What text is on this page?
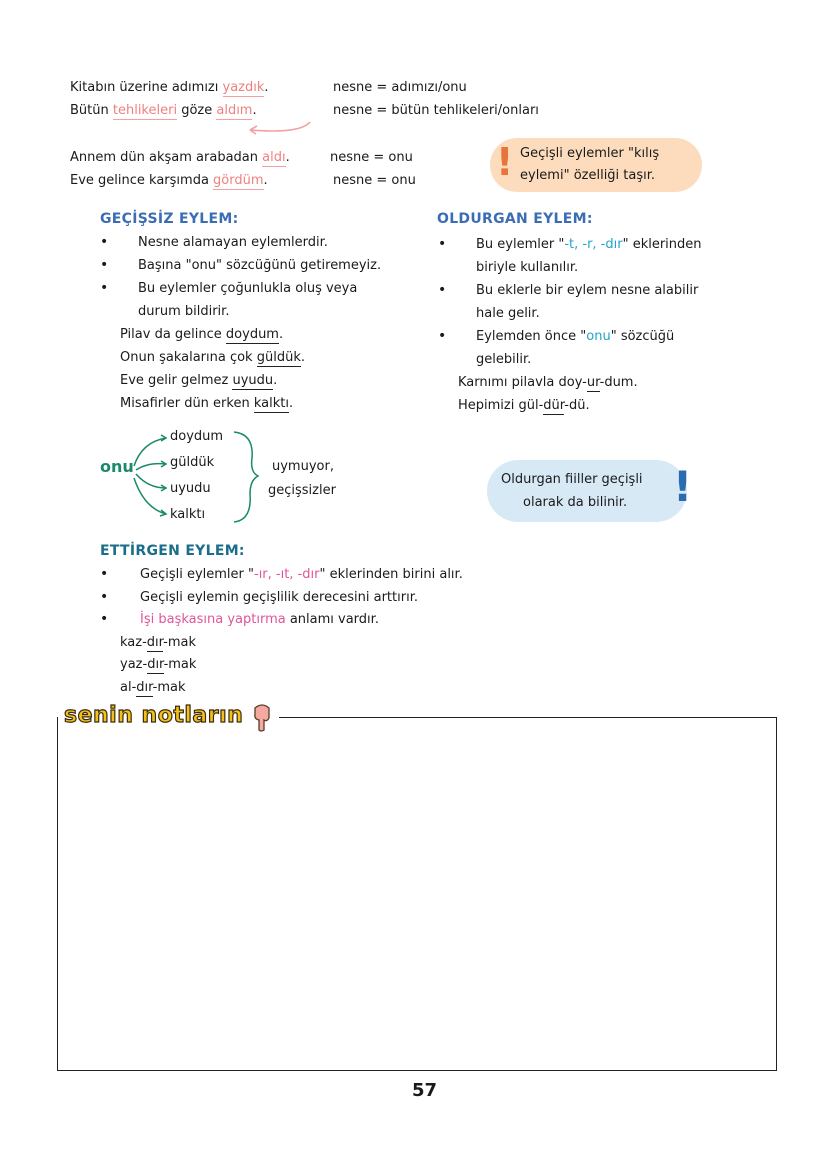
Kitabın üzerine adımızı yazdık.	nesne = adımızı/onu
Bütün tehlikeleri göze aldım.	nesne = bütün tehlikeleri/onları
Annem dün akşam arabadan aldı.	nesne = onu
Eve gelince karşımda gördüm.	nesne = onu ! Geçişli eylemler "kılış
eylemi" özelliği taşır.
GEÇİŞSİZ EYLEM:
• Nesne alamayan eylemlerdir.
• Başına "onu" sözcüğünü getiremeyiz.
• Bu eylemler çoğunlukla oluş veya
durum bildirir.
Pilav da gelince doydum.
Onun şakalarına çok güldük.
Eve gelir gelmez uyudu.
Misafirler dün erken kalktı.
OLDURGAN EYLEM:
• Bu eylemler "-t, -r, -dır" eklerinden
biriyle kullanılır.
• Bu eklerle bir eylem nesne alabilir
hale gelir.
• Eylemden önce "onu" sözcüğü
gelebilir.
Karnımı pilavla doy-ur-dum.
Hepimizi gül-dür-dü.
onu
doydum
güldük
uyudu
kalktı
uymuyor,
geçişsizler
Oldurgan fiiller geçişli
olarak da bilinir. !
ETTİRGEN EYLEM:
• Geçişli eylemler "-ır, -ıt, -dır" eklerinden birini alır.
• Geçişli eylemin geçişlilik derecesini arttırır.
• İşi başkasına yaptırma anlamı vardır.
kaz-dır-mak
yaz-dır-mak
al-dır-mak
senin notların
57
